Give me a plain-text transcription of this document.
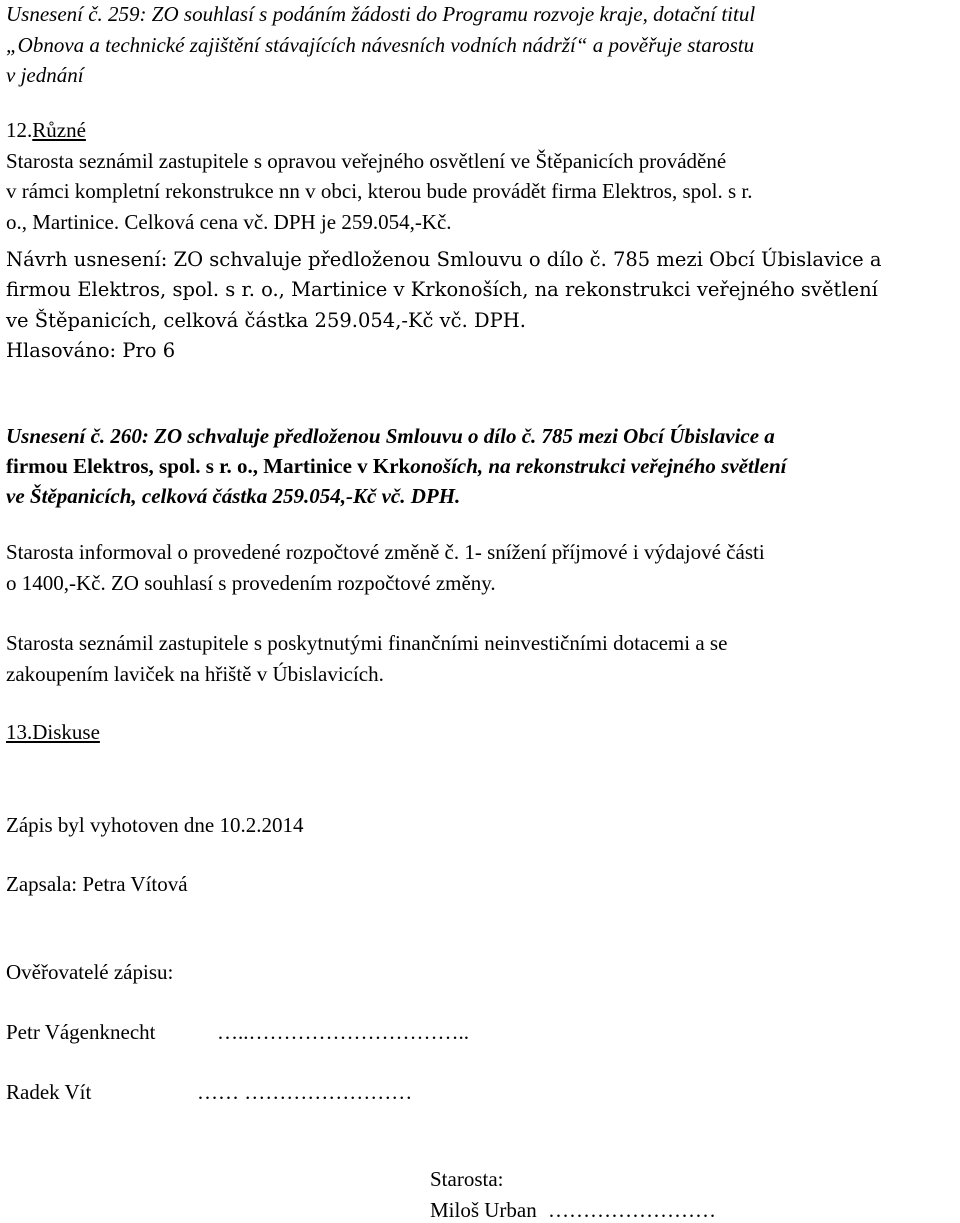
Usnesení č. 259: ZO souhlasí s podáním žádosti do Programu rozvoje kraje, dotační titul
„Obnova a technické zajištění stávajících návesních vodních nádrží“ a pověřuje starostu
v jednání
12.Různé
Starosta seznámil zastupitele s opravou veřejného osvětlení ve Štěpanicích prováděné
v rámci kompletní rekonstrukce nn v obci, kterou bude provádět firma Elektros, spol. s r.
o., Martinice. Celková cena vč. DPH je 259.054,-Kč.
Návrh usnesení: ZO schvaluje předloženou Smlouvu o dílo č. 785 mezi Obcí Úbislavice a
firmou Elektros, spol. s r. o., Martinice v Krkonoších, na rekonstrukci veřejného světlení
ve Štěpanicích, celková částka 259.054,-Kč vč. DPH.
Hlasováno: Pro 6
Usnesení č. 260: ZO schvaluje předloženou Smlouvu o dílo č. 785 mezi Obcí Úbislavice a
firmou Elektros, spol. s r. o., Martinice v Krkonoších, na rekonstrukci veřejného světlení
ve Štěpanicích, celková částka 259.054,-Kč vč. DPH.
Starosta informoval o provedené rozpočtové změně č. 1- snížení příjmové i výdajové části
o 1400,-Kč. ZO souhlasí s provedením rozpočtové změny.
Starosta seznámil zastupitele s poskytnutými finančními neinvestičními dotacemi a se
zakoupením laviček na hřiště v Úbislavicích.
13.Diskuse
Zápis byl vyhotoven dne 10.2.2014
Zapsala: Petra Vítová
Ověřovatelé zápisu:
Petr Vágenknecht	…..…………………………..
Radek Vít	…… ……………………
Starosta:
Miloš Urban ……………………
